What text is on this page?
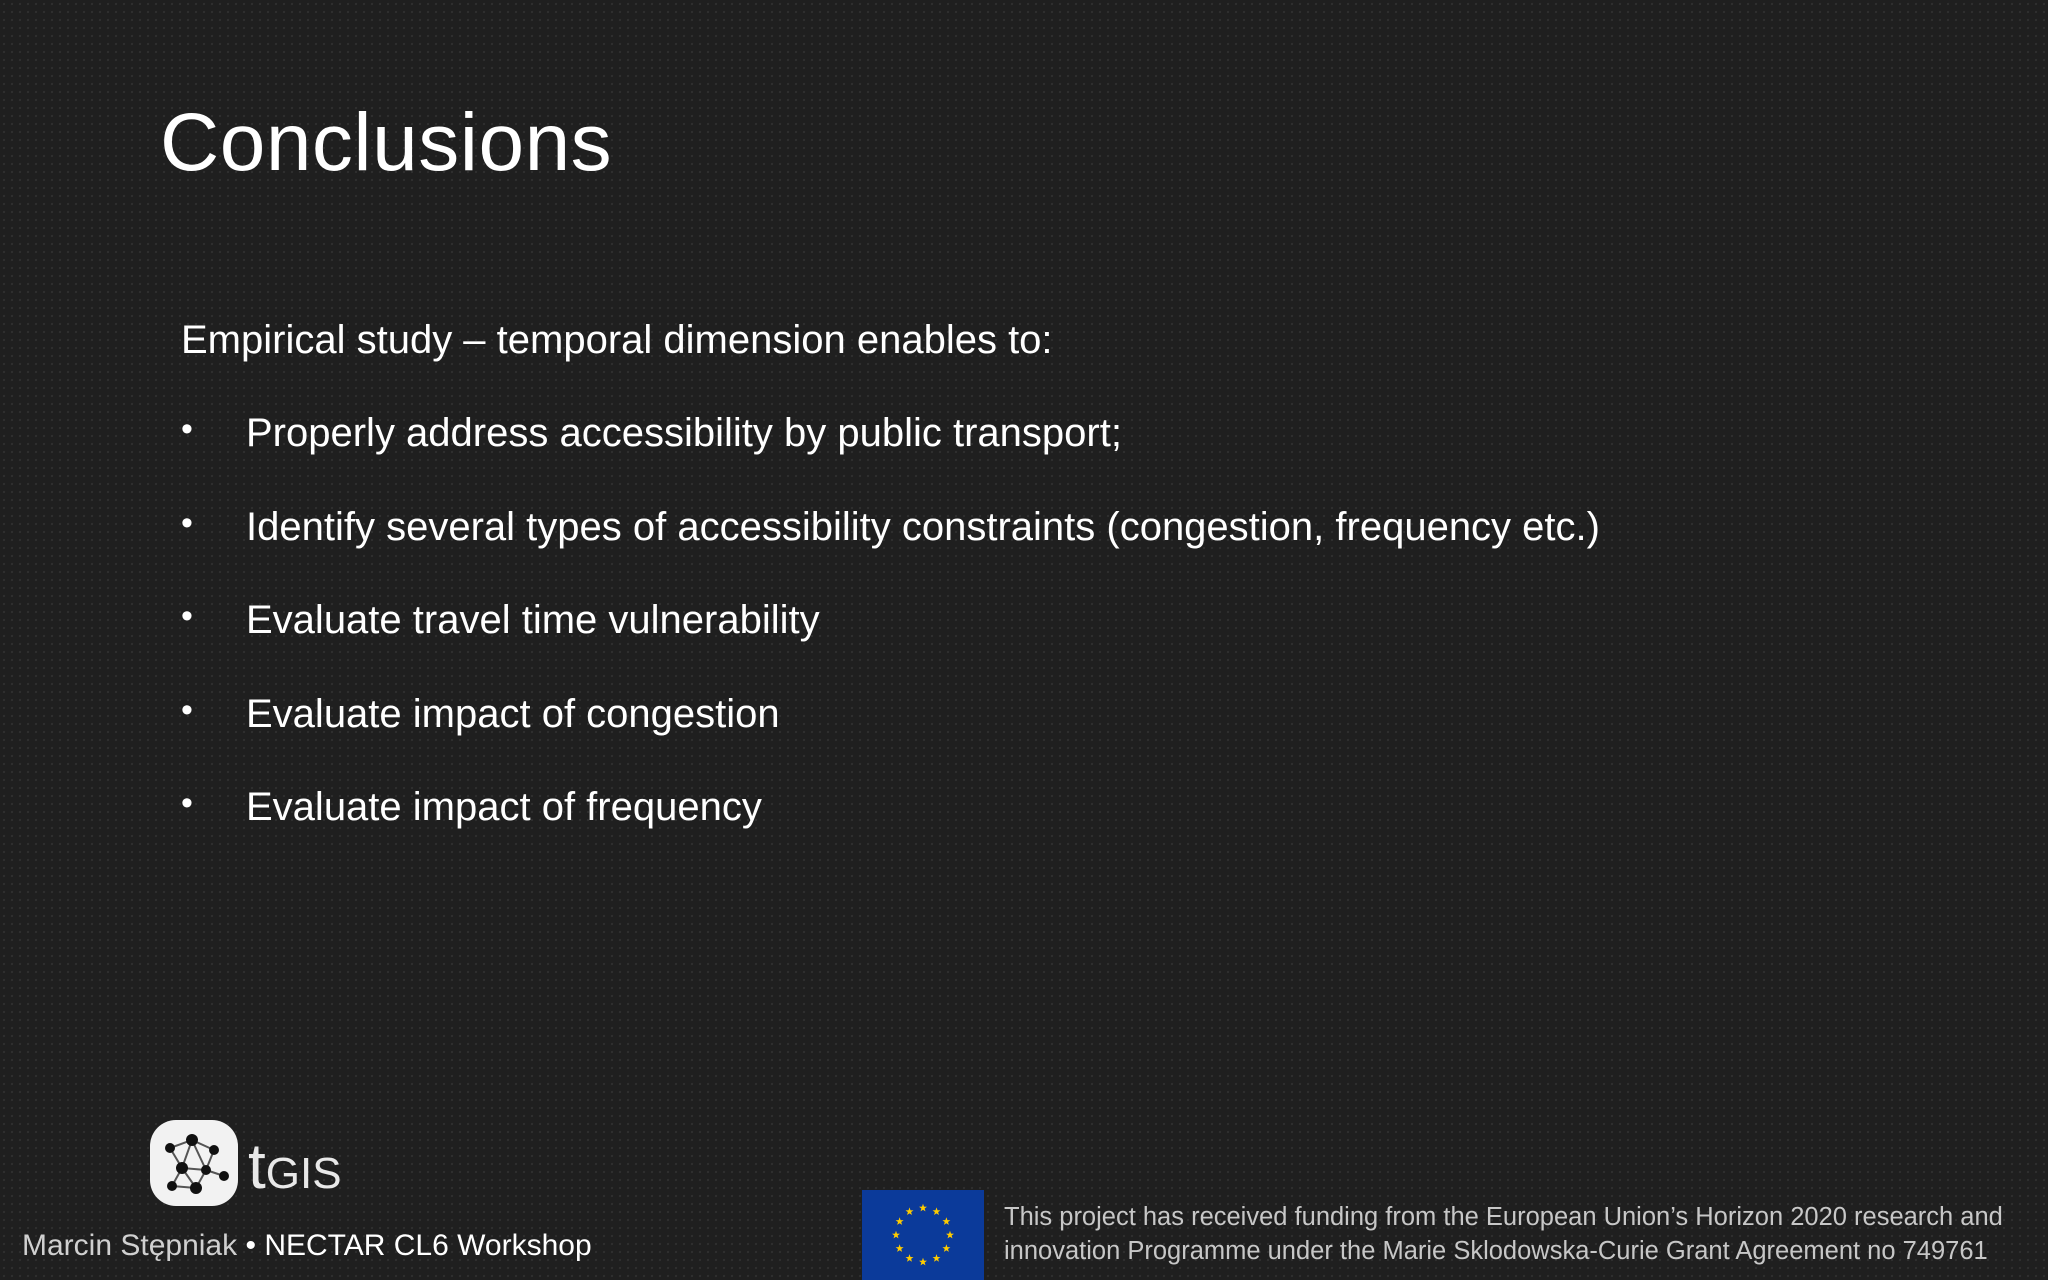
Conclusions
Empirical study – temporal dimension enables to:
•	Properly address accessibility by public transport;
•	Identify several types of accessibility constraints (congestion, frequency etc.)
•	Evaluate travel time vulnerability
•	Evaluate impact of congestion
•	Evaluate impact of frequency
tGIS
Marcin Stępniak • NECTAR CL6 Workshop
This project has received funding from the European Union’s Horizon 2020 research and
innovation Programme under the Marie Sklodowska-Curie Grant Agreement no 749761
